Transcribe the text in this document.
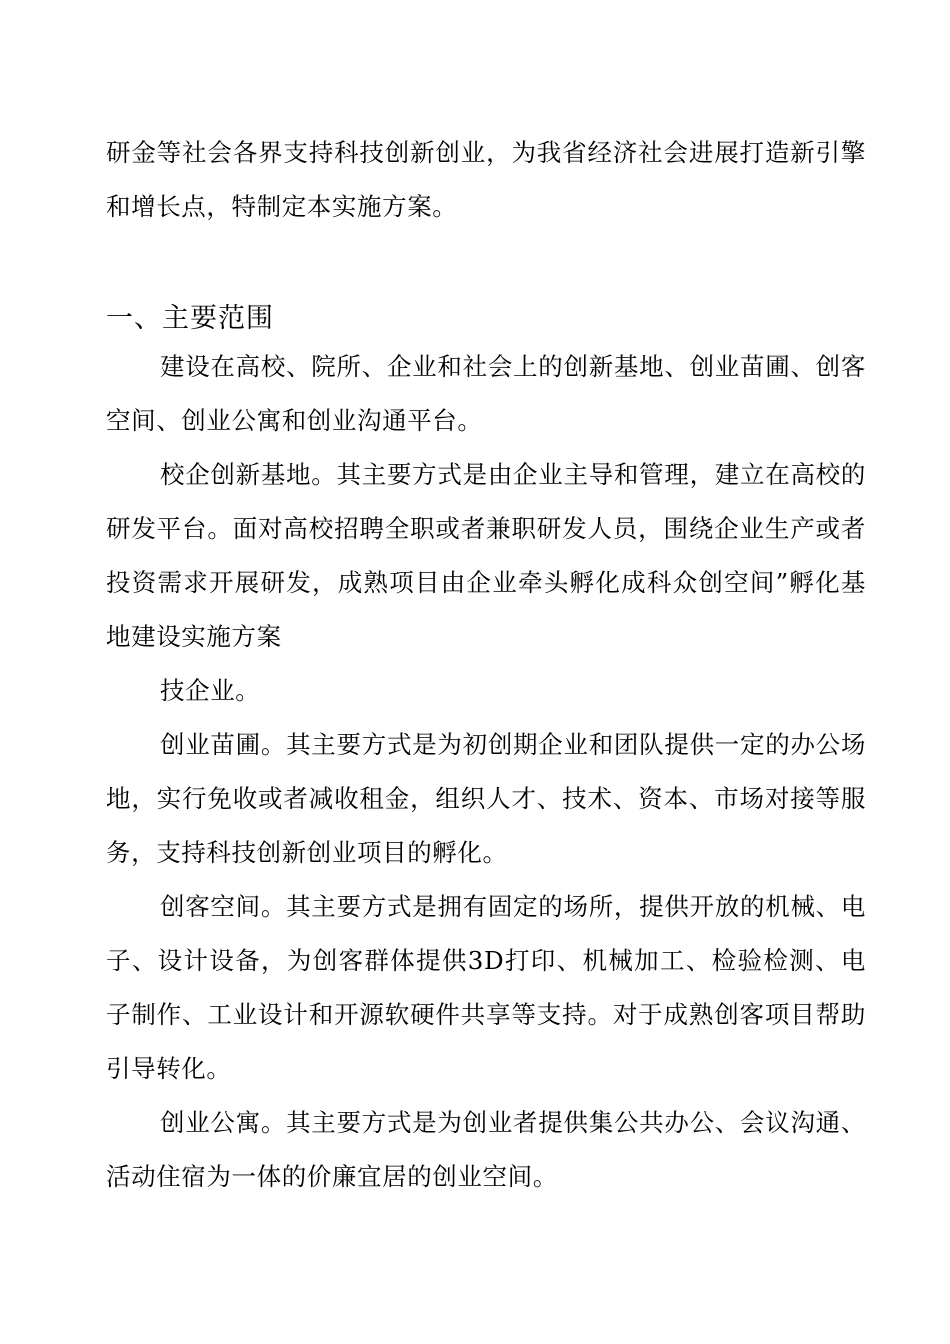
研金等社会各界支持科技创新创业，为我省经济社会进展打造新引擎和增长点，特制定本实施方案。

一、主要范围

建设在高校、院所、企业和社会上的创新基地、创业苗圃、创客空间、创业公寓和创业沟通平台。

校企创新基地。其主要方式是由企业主导和管理，建立在高校的研发平台。面对高校招聘全职或者兼职研发人员，围绕企业生产或者投资需求开展研发，成熟项目由企业牵头孵化成科众创空间”孵化基地建设实施方案

技企业。

创业苗圃。其主要方式是为初创期企业和团队提供一定的办公场地，实行免收或者减收租金，组织人才、技术、资本、市场对接等服务，支持科技创新创业项目的孵化。

创客空间。其主要方式是拥有固定的场所，提供开放的机械、电子、设计设备，为创客群体提供3D打印、机械加工、检验检测、电子制作、工业设计和开源软硬件共享等支持。对于成熟创客项目帮助引导转化。

创业公寓。其主要方式是为创业者提供集公共办公、会议沟通、活动住宿为一体的价廉宜居的创业空间。
